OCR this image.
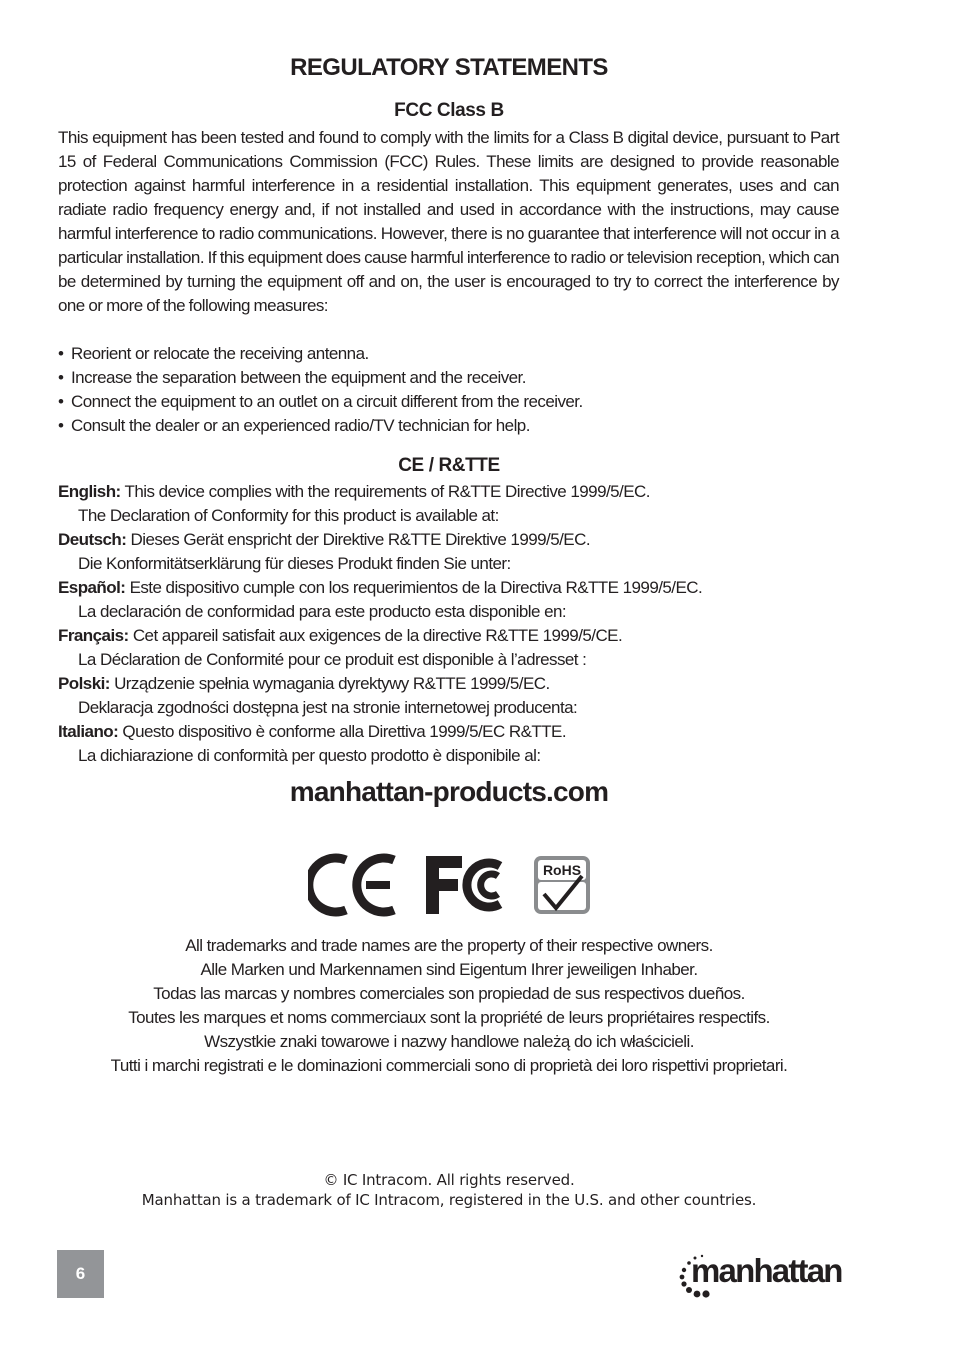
REGULATORY STATEMENTS
FCC Class B
This equipment has been tested and found to comply with the limits for a Class B digital device, pursuant to Part 15 of Federal Communications Commission (FCC) Rules. These limits are designed to provide reasonable protection against harmful interference in a residential installation. This equipment generates, uses and can radiate radio frequency energy and, if not installed and used in accordance with the instructions, may cause harmful interference to radio communications. However, there is no guarantee that interference will not occur in a particular installation. If this equipment does cause harmful interference to radio or television reception, which can be determined by turning the equipment off and on, the user is encouraged to try to correct the interference by one or more of the following measures:
• Reorient or relocate the receiving antenna.
• Increase the separation between the equipment and the receiver.
• Connect the equipment to an outlet on a circuit different from the receiver.
• Consult the dealer or an experienced radio/TV technician for help.
CE / R&TTE
English: This device complies with the requirements of R&TTE Directive 1999/5/EC.
The Declaration of Conformity for this product is available at:
Deutsch: Dieses Gerät enspricht der Direktive R&TTE Direktive 1999/5/EC.
Die Konformitätserklärung für dieses Produkt finden Sie unter:
Español: Este dispositivo cumple con los requerimientos de la Directiva R&TTE 1999/5/EC.
La declaración de conformidad para este producto esta disponible en:
Français: Cet appareil satisfait aux exigences de la directive R&TTE 1999/5/CE.
La Déclaration de Conformité pour ce produit est disponible à l’adresset :
Polski: Urządzenie spełnia wymagania dyrektywy R&TTE 1999/5/EC.
Deklaracja zgodności dostępna jest na stronie internetowej producenta:
Italiano: Questo dispositivo è conforme alla Direttiva 1999/5/EC R&TTE.
La dichiarazione di conformità per questo prodotto è disponibile al:
manhattan-products.com
RoHS
All trademarks and trade names are the property of their respective owners.
Alle Marken und Markennamen sind Eigentum Ihrer jeweiligen Inhaber.
Todas las marcas y nombres comerciales son propiedad de sus respectivos dueños.
Toutes les marques et noms commerciaux sont la propriété de leurs propriétaires respectifs.
Wszystkie znaki towarowe i nazwy handlowe należą do ich właścicieli.
Tutti i marchi registrati e le dominazioni commerciali sono di proprietà dei loro rispettivi proprietari.
© IC Intracom. All rights reserved.
Manhattan is a trademark of IC Intracom, registered in the U.S. and other countries.
6	manhattan
